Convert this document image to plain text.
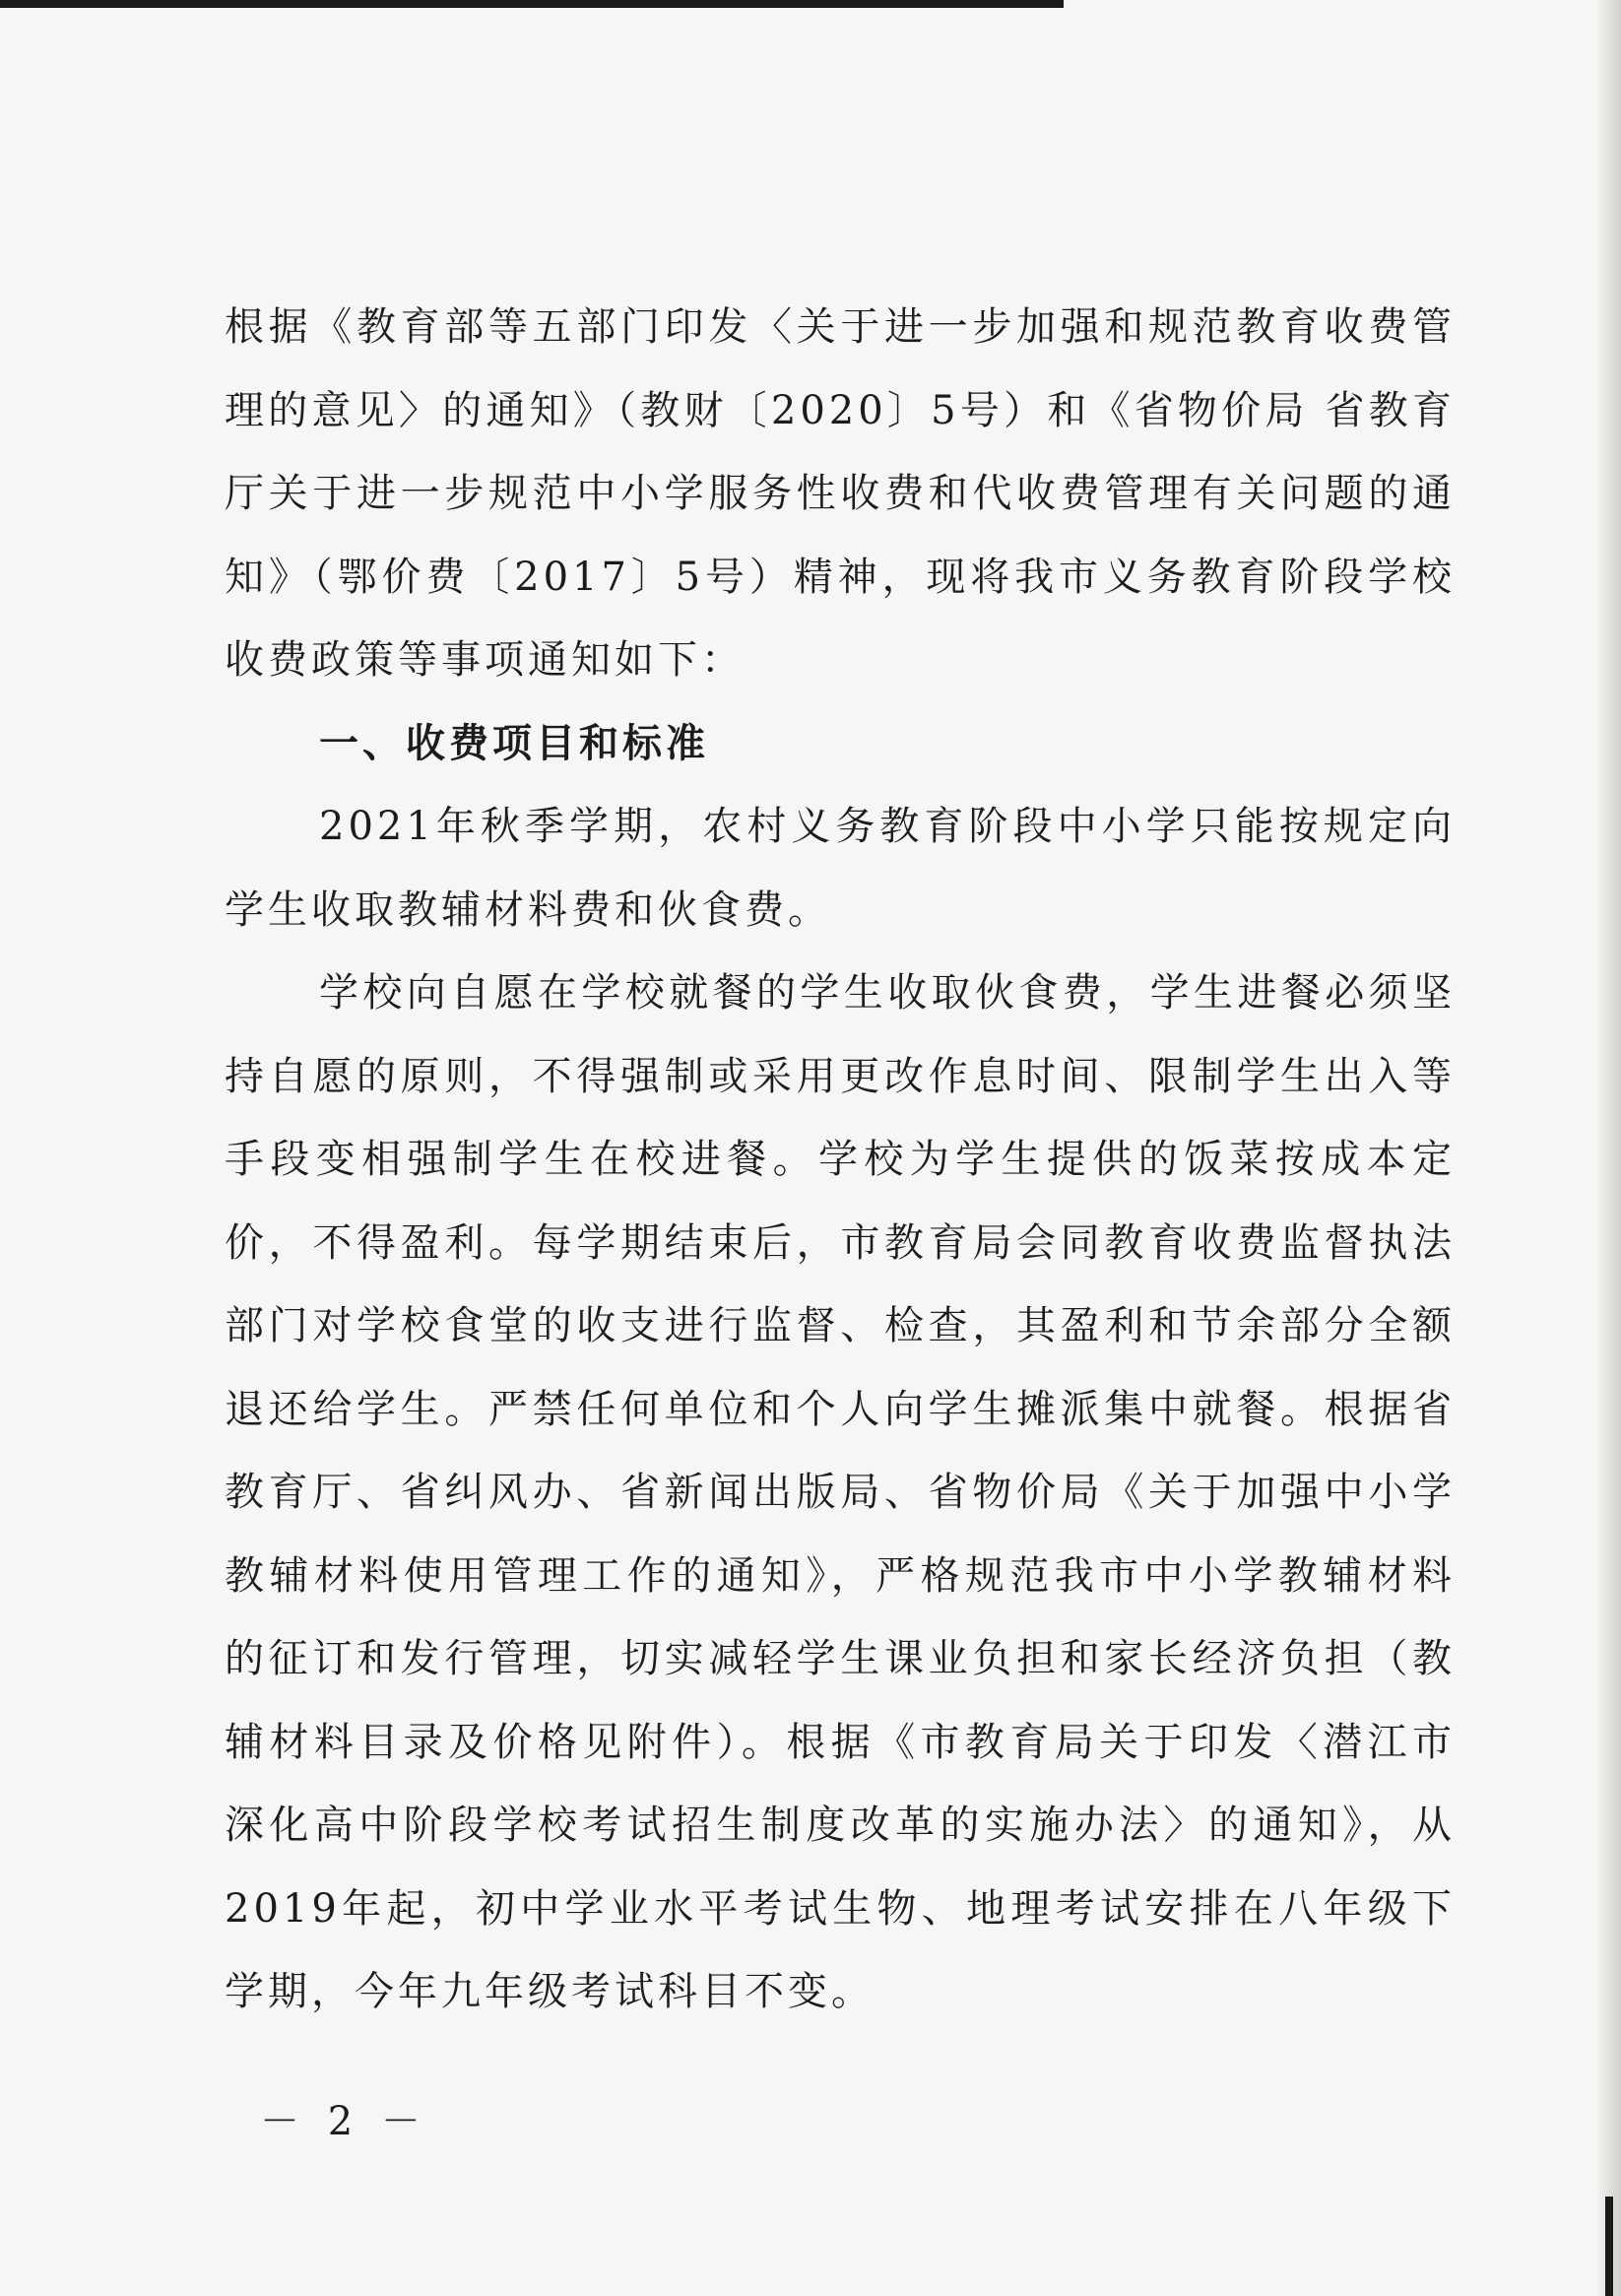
根据《教育部等五部门印发〈关于进一步加强和规范教育收费管理的意见〉的通知》（教财〔2020〕5号）和《省物价局 省教育厅关于进一步规范中小学服务性收费和代收费管理有关问题的通知》（鄂价费〔2017〕5号）精神，现将我市义务教育阶段学校收费政策等事项通知如下：

一、收费项目和标准

2021年秋季学期，农村义务教育阶段中小学只能按规定向学生收取教辅材料费和伙食费。

学校向自愿在学校就餐的学生收取伙食费，学生进餐必须坚持自愿的原则，不得强制或采用更改作息时间、限制学生出入等手段变相强制学生在校进餐。学校为学生提供的饭菜按成本定价，不得盈利。每学期结束后，市教育局会同教育收费监督执法部门对学校食堂的收支进行监督、检查，其盈利和节余部分全额退还给学生。严禁任何单位和个人向学生摊派集中就餐。根据省教育厅、省纠风办、省新闻出版局、省物价局《关于加强中小学教辅材料使用管理工作的通知》，严格规范我市中小学教辅材料的征订和发行管理，切实减轻学生课业负担和家长经济负担（教辅材料目录及价格见附件）。根据《市教育局关于印发〈潜江市深化高中阶段学校考试招生制度改革的实施办法〉的通知》，从2019年起，初中学业水平考试生物、地理考试安排在八年级下学期，今年九年级考试科目不变。

－ 2 －
